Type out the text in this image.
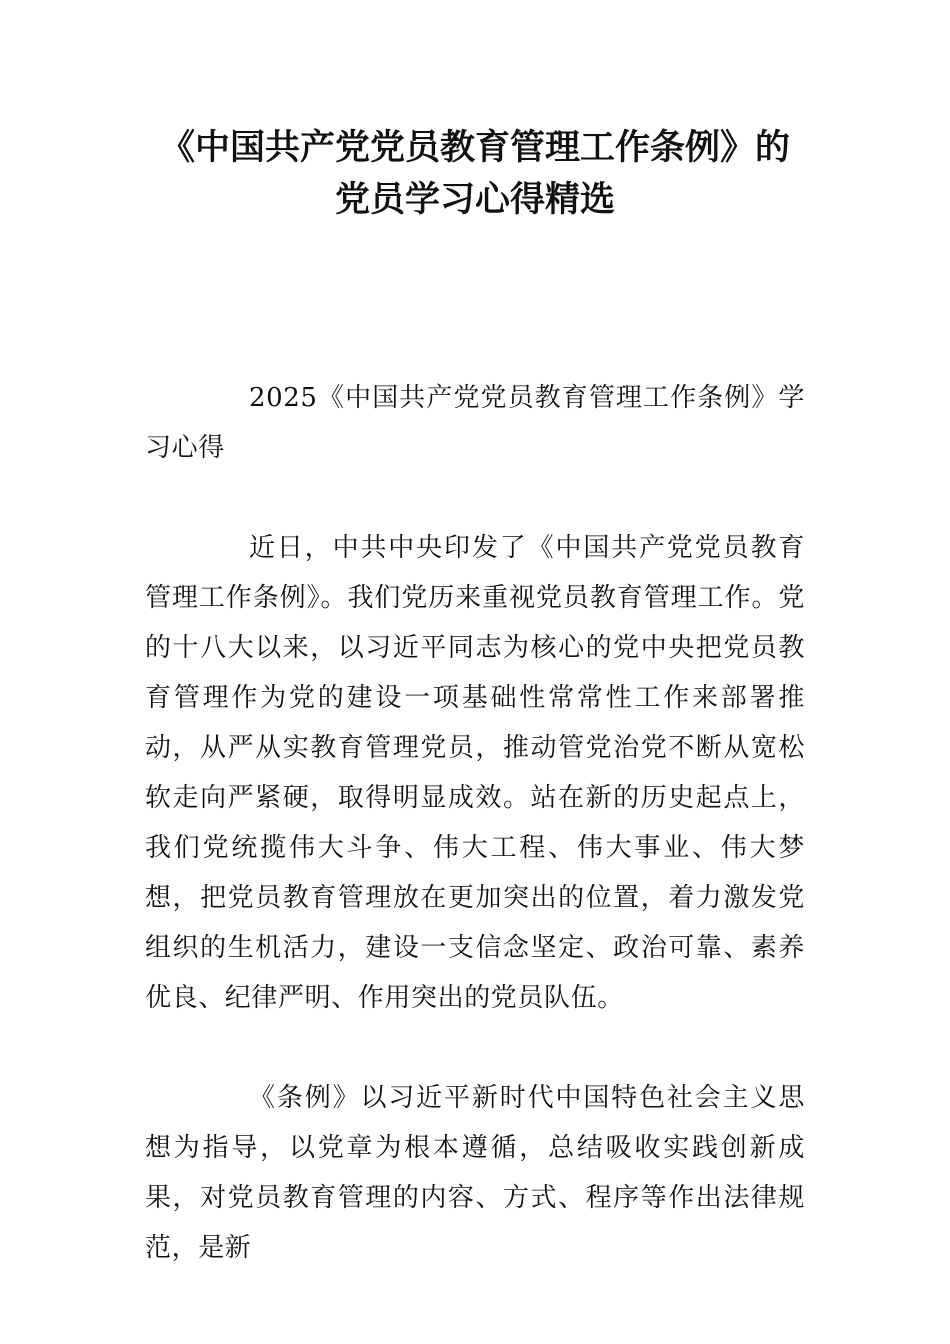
《中国共产党党员教育管理工作条例》的
党员学习心得精选

2025《中国共产党党员教育管理工作条例》学习心得

近日，中共中央印发了《中国共产党党员教育管理工作条例》。我们党历来重视党员教育管理工作。党的十八大以来，以习近平同志为核心的党中央把党员教育管理作为党的建设一项基础性常常性工作来部署推动，从严从实教育管理党员，推动管党治党不断从宽松软走向严紧硬，取得明显成效。站在新的历史起点上，我们党统揽伟大斗争、伟大工程、伟大事业、伟大梦想，把党员教育管理放在更加突出的位置，着力激发党组织的生机活力，建设一支信念坚定、政治可靠、素养优良、纪律严明、作用突出的党员队伍。

《条例》以习近平新时代中国特色社会主义思想为指导，以党章为根本遵循，总结吸收实践创新成果，对党员教育管理的内容、方式、程序等作出法律规范，是新
